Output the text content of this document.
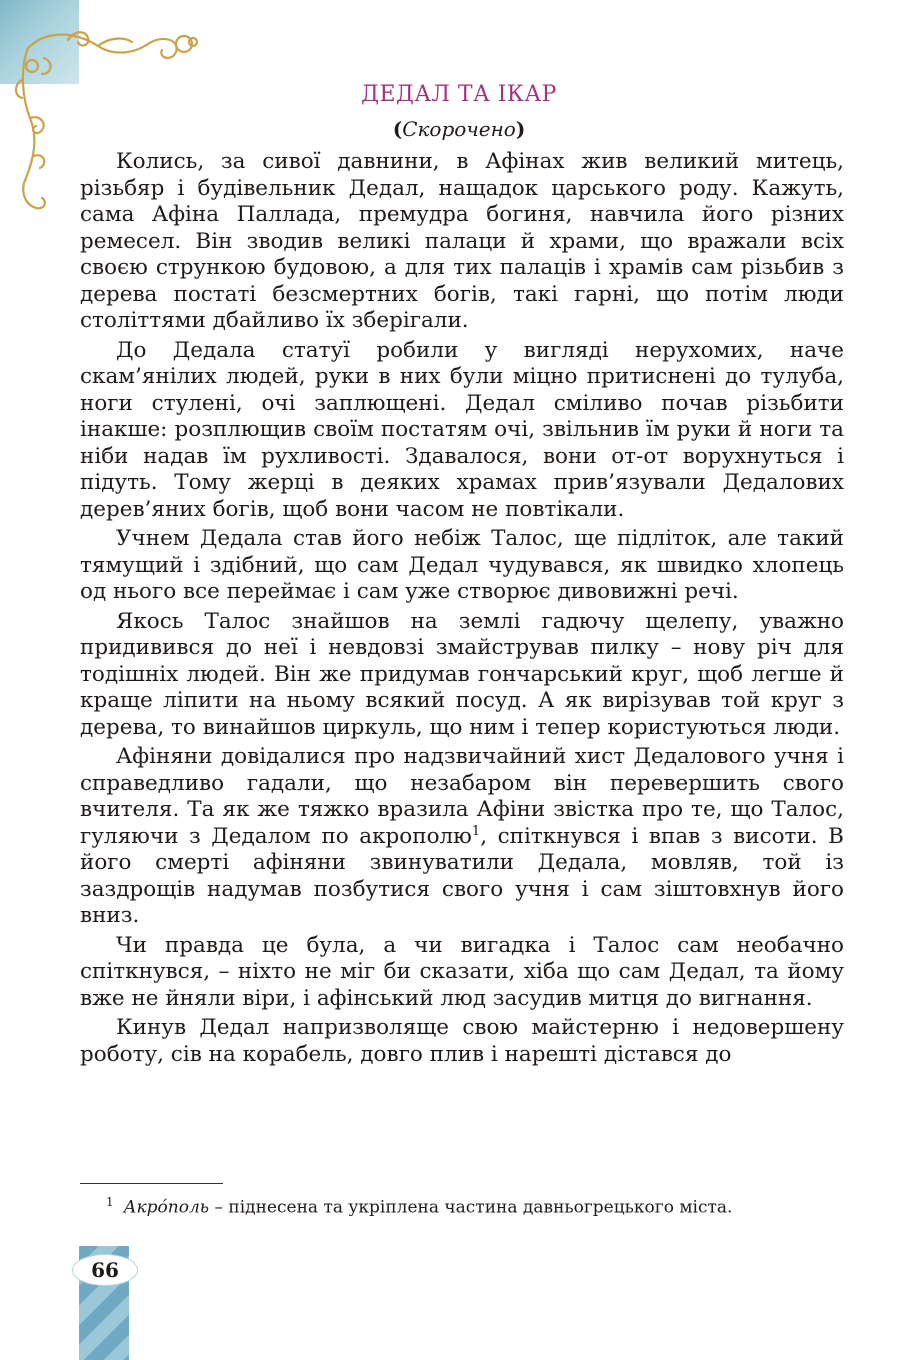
ДЕДАЛ ТА ІКАР
(Скорочено)

Колись, за сивої давнини, в Афінах жив великий митець, різьбяр і будівельник Дедал, нащадок царського роду. Кажуть, сама Афіна Паллада, премудра богиня, навчила його різних ремесел. Він зводив великі палаци й храми, що вражали всіх своєю стрункою будовою, а для тих палаців і храмів сам різьбив з дерева постаті безсмертних богів, такі гарні, що потім люди століттями дбайливо їх зберігали.

До Дедала статуї робили у вигляді нерухомих, наче скам’янілих людей, руки в них були міцно притиснені до тулуба, ноги стулені, очі заплющені. Дедал сміливо почав різьбити інакше: розплющив своїм постатям очі, звільнив їм руки й ноги та ніби надав їм рухливості. Здавалося, вони от-от ворухнуться і підуть. Тому жерці в деяких храмах прив’язували Дедалових дерев’яних богів, щоб вони часом не повтікали.

Учнем Дедала став його небіж Талос, ще підліток, але такий тямущий і здібний, що сам Дедал чудувався, як швидко хлопець од нього все переймає і сам уже створює дивовижні речі.

Якось Талос знайшов на землі гадючу щелепу, уважно придивився до неї і невдовзі змайстрував пилку – нову річ для тодішніх людей. Він же придумав гончарський круг, щоб легше й краще ліпити на ньому всякий посуд. А як вирізував той круг з дерева, то винайшов циркуль, що ним і тепер користуються люди.

Афіняни довідалися про надзвичайний хист Дедалового учня і справедливо гадали, що незабаром він перевершить свого вчителя. Та як же тяжко вразила Афіни звістка про те, що Талос, гуляючи з Дедалом по акрополю$^1$, спіткнувся і впав з висоти. В його смерті афіняни звинуватили Дедала, мовляв, той із заздрощів надумав позбутися свого учня і сам зіштовхнув його вниз.

Чи правда це була, а чи вигадка і Талос сам необачно спіткнувся, – ніхто не міг би сказати, хіба що сам Дедал, та йому вже не йняли віри, і афінський люд засудив митця до вигнання.

Кинув Дедал напризволяще свою майстерню і недовершену роботу, сів на корабель, довго плив і нарешті дістався до

$^1$ Акрóполь – піднесена та укріплена частина давньогрецького міста.
66
